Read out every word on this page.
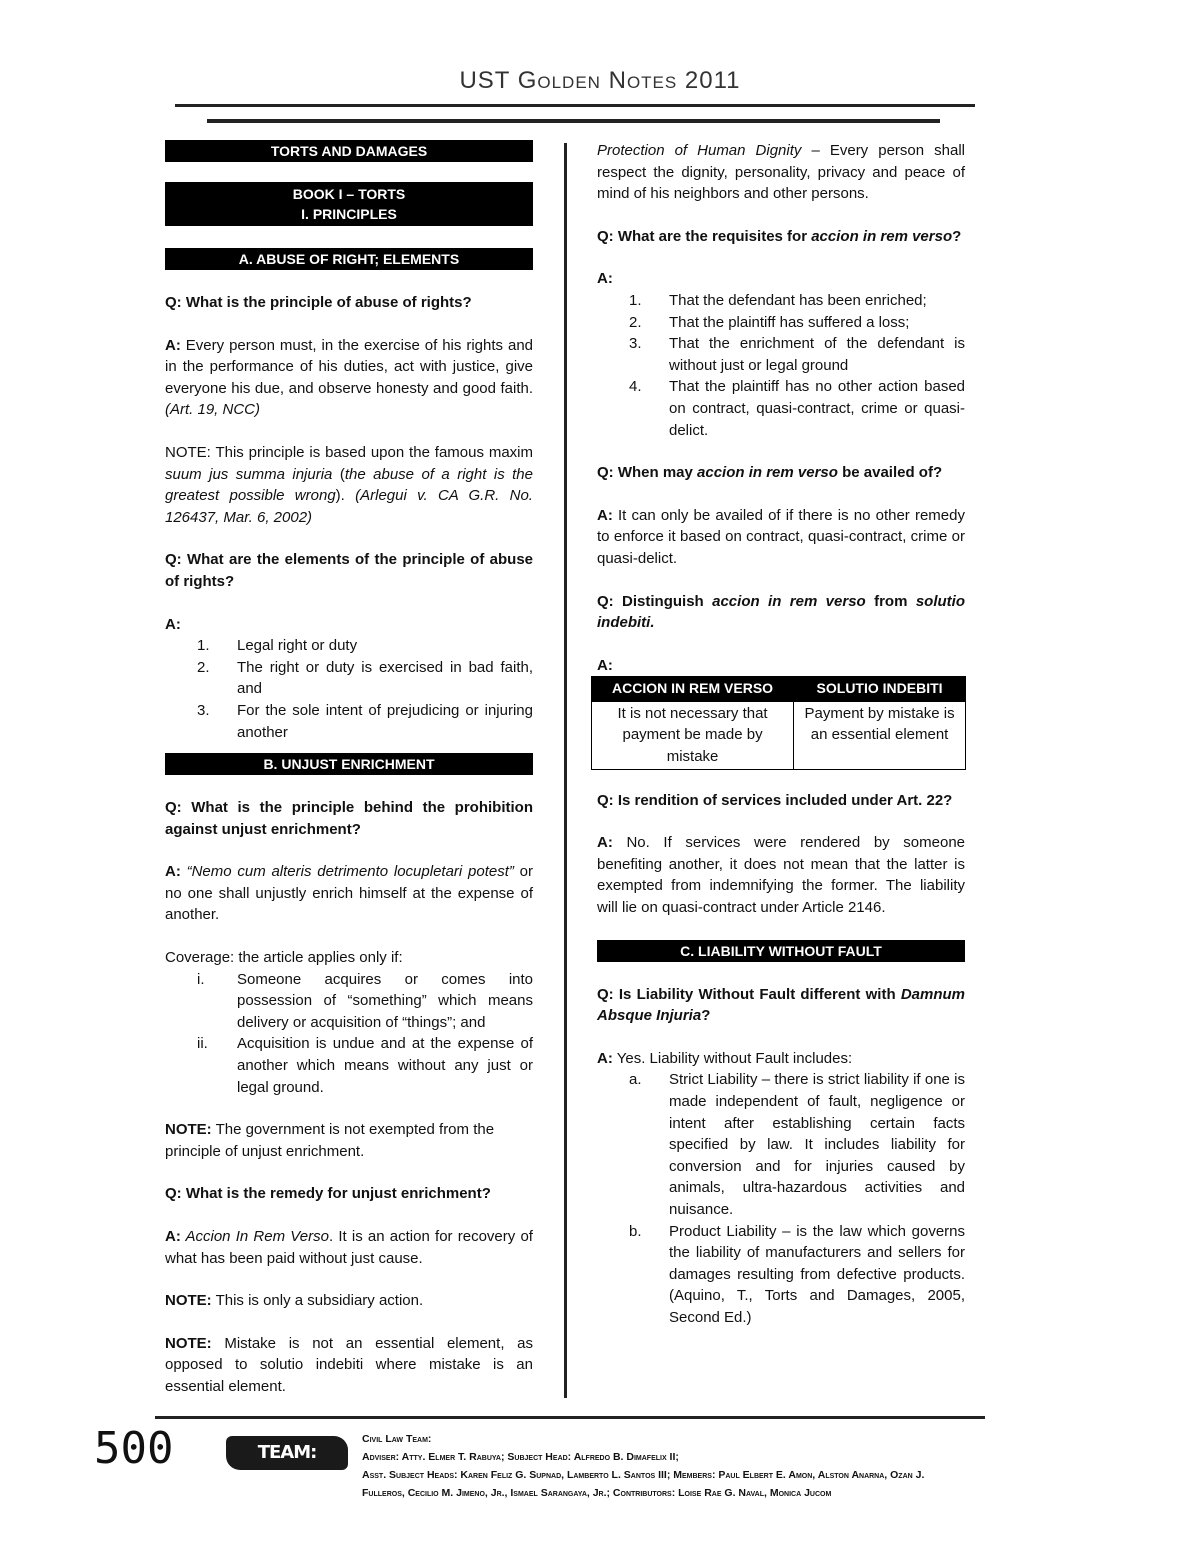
UST Golden Notes 2011
TORTS AND DAMAGES
BOOK I – TORTS
I. PRINCIPLES
A. ABUSE OF RIGHT; ELEMENTS

Q: What is the principle of abuse of rights?

A: Every person must, in the exercise of his rights and in the performance of his duties, act with justice, give everyone his due, and observe honesty and good faith. (Art. 19, NCC)

NOTE: This principle is based upon the famous maxim suum jus summa injuria (the abuse of a right is the greatest possible wrong). (Arlegui v. CA G.R. No. 126437, Mar. 6, 2002)

Q: What are the elements of the principle of abuse of rights?

A:

1.	Legal right or duty
2.	The right or duty is exercised in bad faith, and
3.	For the sole intent of prejudicing or injuring another
B. UNJUST ENRICHMENT

Q: What is the principle behind the prohibition against unjust enrichment?

A: “Nemo cum alteris detrimento locupletari potest” or no one shall unjustly enrich himself at the expense of another.

Coverage: the article applies only if:

i.	Someone acquires or comes into possession of “something” which means delivery or acquisition of “things”; and
ii.	Acquisition is undue and at the expense of another which means without any just or legal ground.

NOTE: The government is not exempted from the principle of unjust enrichment.

Q: What is the remedy for unjust enrichment?

A: Accion In Rem Verso. It is an action for recovery of what has been paid without just cause.

NOTE: This is only a subsidiary action.

NOTE: Mistake is not an essential element, as opposed to solutio indebiti where mistake is an essential element.

Protection of Human Dignity – Every person shall respect the dignity, personality, privacy and peace of mind of his neighbors and other persons.

Q: What are the requisites for accion in rem verso?

A:

1.	That the defendant has been enriched;
2.	That the plaintiff has suffered a loss;
3.	That the enrichment of the defendant is without just or legal ground
4.	That the plaintiff has no other action based on contract, quasi-contract, crime or quasi-delict.

Q: When may accion in rem verso be availed of?

A: It can only be availed of if there is no other remedy to enforce it based on contract, quasi-contract, crime or quasi-delict.

Q: Distinguish accion in rem verso from solutio indebiti.

A:

ACCION IN REM VERSO	SOLUTIO INDEBITI
It is not necessary that payment be made by mistake	Payment by mistake is an essential element

Q: Is rendition of services included under Art. 22?

A: No. If services were rendered by someone benefiting another, it does not mean that the latter is exempted from indemnifying the former. The liability will lie on quasi-contract under Article 2146.

C. LIABILITY WITHOUT FAULT

Q: Is Liability Without Fault different with Damnum Absque Injuria?

A: Yes. Liability without Fault includes:

a.	Strict Liability – there is strict liability if one is made independent of fault, negligence or intent after establishing certain facts specified by law. It includes liability for conversion and for injuries caused by animals, ultra-hazardous activities and nuisance.
b.	Product Liability – is the law which governs the liability of manufacturers and sellers for damages resulting from defective products. (Aquino, T., Torts and Damages, 2005, Second Ed.)
500	TEAM: BAROPS
Civil Law Team:
Adviser: Atty. Elmer T. Rabuya; Subject Head: Alfredo B. Dimafelix II;
Asst. Subject Heads: Karen Feliz G. Supnad, Lamberto L. Santos III; Members: Paul Elbert E. Amon, Alston Anarna, Ozan J.
Fulleros, Cecilio M. Jimeno, Jr., Ismael Sarangaya, Jr.; Contributors: Loise Rae G. Naval, Monica Jucom
